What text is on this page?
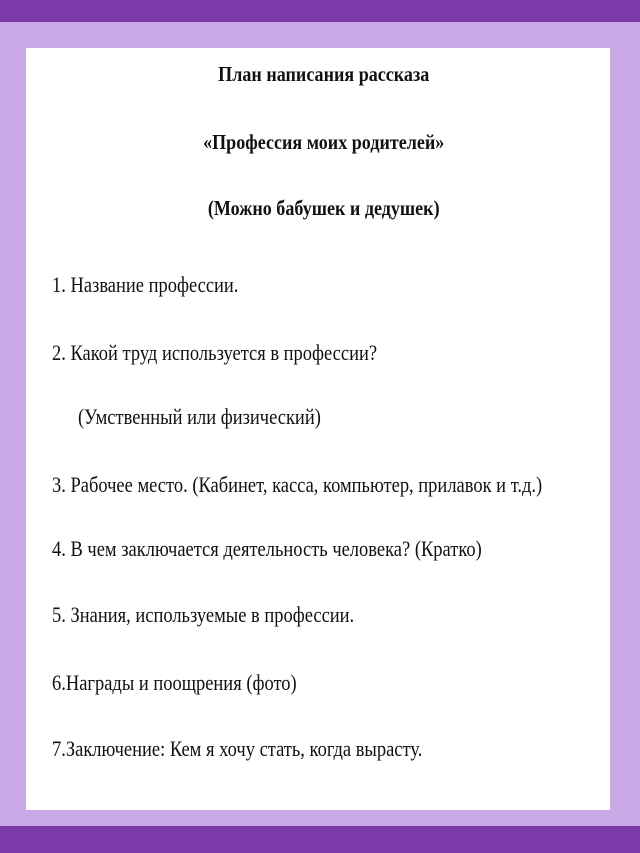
План написания рассказа
«Профессия моих родителей»
(Можно бабушек и дедушек)
1. Название профессии.
2. Какой труд используется в профессии?
(Умственный или физический)
3. Рабочее место. (Кабинет, касса, компьютер, прилавок и т.д.)
4. В чем заключается деятельность человека? (Кратко)
5. Знания, используемые в профессии.
6.Награды и поощрения (фото)
7.Заключение: Кем я хочу стать, когда вырасту.
